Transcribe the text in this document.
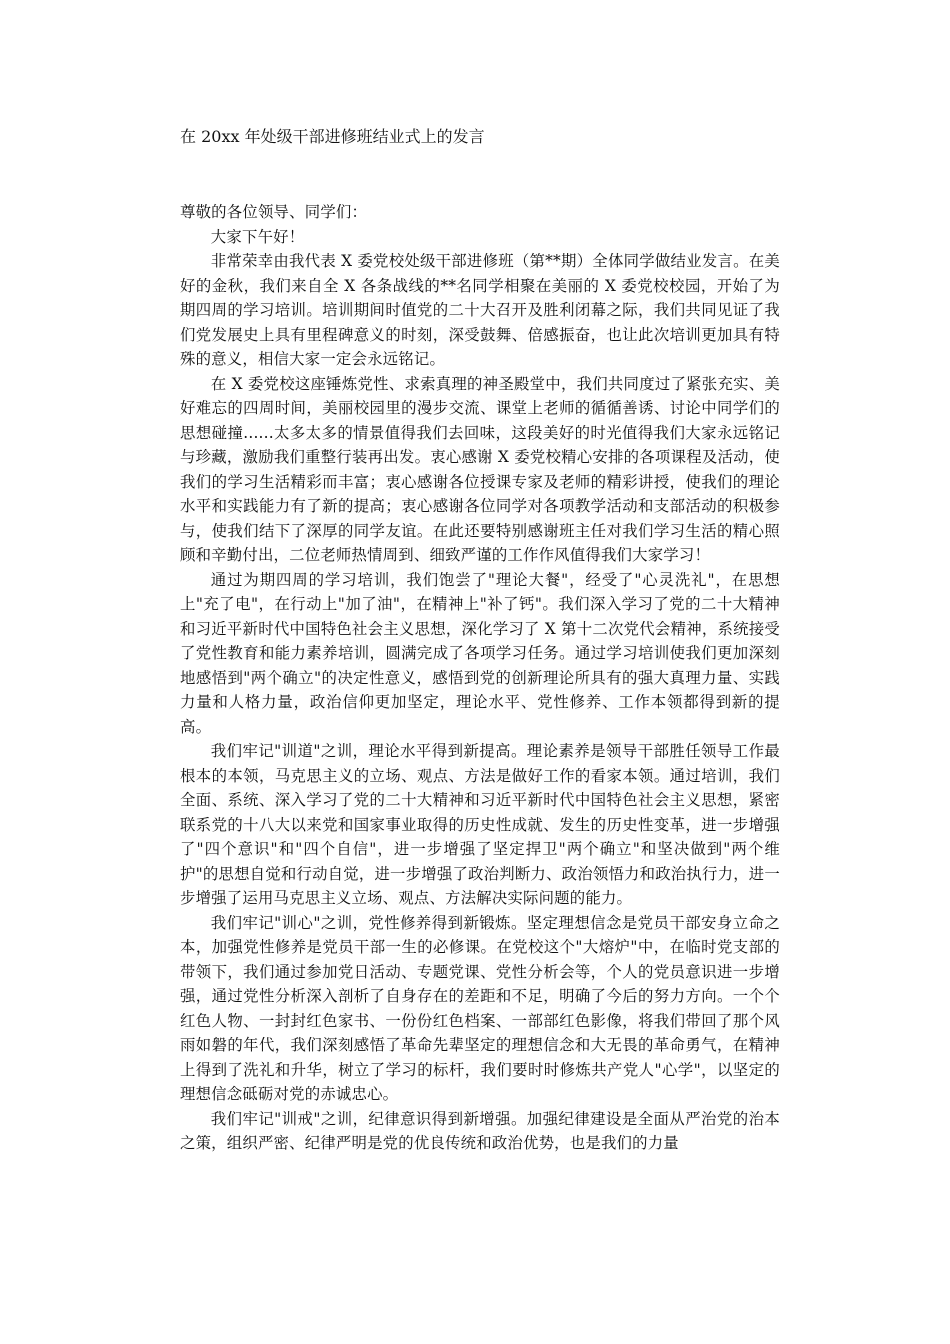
在 20xx 年处级干部进修班结业式上的发言

尊敬的各位领导、同学们：

大家下午好！

非常荣幸由我代表 X 委党校处级干部进修班（第**期）全体同学做结业发言。在美好的金秋，我们来自全 X 各条战线的**名同学相聚在美丽的 X 委党校校园，开始了为期四周的学习培训。培训期间时值党的二十大召开及胜利闭幕之际，我们共同见证了我们党发展史上具有里程碑意义的时刻，深受鼓舞、倍感振奋，也让此次培训更加具有特殊的意义，相信大家一定会永远铭记。

在 X 委党校这座锤炼党性、求索真理的神圣殿堂中，我们共同度过了紧张充实、美好难忘的四周时间，美丽校园里的漫步交流、课堂上老师的循循善诱、讨论中同学们的思想碰撞......太多太多的情景值得我们去回味，这段美好的时光值得我们大家永远铭记与珍藏，激励我们重整行装再出发。衷心感谢 X 委党校精心安排的各项课程及活动，使我们的学习生活精彩而丰富；衷心感谢各位授课专家及老师的精彩讲授，使我们的理论水平和实践能力有了新的提高；衷心感谢各位同学对各项教学活动和支部活动的积极参与，使我们结下了深厚的同学友谊。在此还要特别感谢班主任对我们学习生活的精心照顾和辛勤付出，二位老师热情周到、细致严谨的工作作风值得我们大家学习！

通过为期四周的学习培训，我们饱尝了"理论大餐"，经受了"心灵洗礼"，在思想上"充了电"，在行动上"加了油"，在精神上"补了钙"。我们深入学习了党的二十大精神和习近平新时代中国特色社会主义思想，深化学习了 X 第十二次党代会精神，系统接受了党性教育和能力素养培训，圆满完成了各项学习任务。通过学习培训使我们更加深刻地感悟到"两个确立"的决定性意义，感悟到党的创新理论所具有的强大真理力量、实践力量和人格力量，政治信仰更加坚定，理论水平、党性修养、工作本领都得到新的提高。

我们牢记"训道"之训，理论水平得到新提高。理论素养是领导干部胜任领导工作最根本的本领，马克思主义的立场、观点、方法是做好工作的看家本领。通过培训，我们全面、系统、深入学习了党的二十大精神和习近平新时代中国特色社会主义思想，紧密联系党的十八大以来党和国家事业取得的历史性成就、发生的历史性变革，进一步增强了"四个意识"和"四个自信"，进一步增强了坚定捍卫"两个确立"和坚决做到"两个维护"的思想自觉和行动自觉，进一步增强了政治判断力、政治领悟力和政治执行力，进一步增强了运用马克思主义立场、观点、方法解决实际问题的能力。

我们牢记"训心"之训，党性修养得到新锻炼。坚定理想信念是党员干部安身立命之本，加强党性修养是党员干部一生的必修课。在党校这个"大熔炉"中，在临时党支部的带领下，我们通过参加党日活动、专题党课、党性分析会等，个人的党员意识进一步增强，通过党性分析深入剖析了自身存在的差距和不足，明确了今后的努力方向。一个个红色人物、一封封红色家书、一份份红色档案、一部部红色影像，将我们带回了那个风雨如磐的年代，我们深刻感悟了革命先辈坚定的理想信念和大无畏的革命勇气，在精神上得到了洗礼和升华，树立了学习的标杆，我们要时时修炼共产党人"心学"，以坚定的理想信念砥砺对党的赤诚忠心。

我们牢记"训戒"之训，纪律意识得到新增强。加强纪律建设是全面从严治党的治本之策，组织严密、纪律严明是党的优良传统和政治优势，也是我们的力量
